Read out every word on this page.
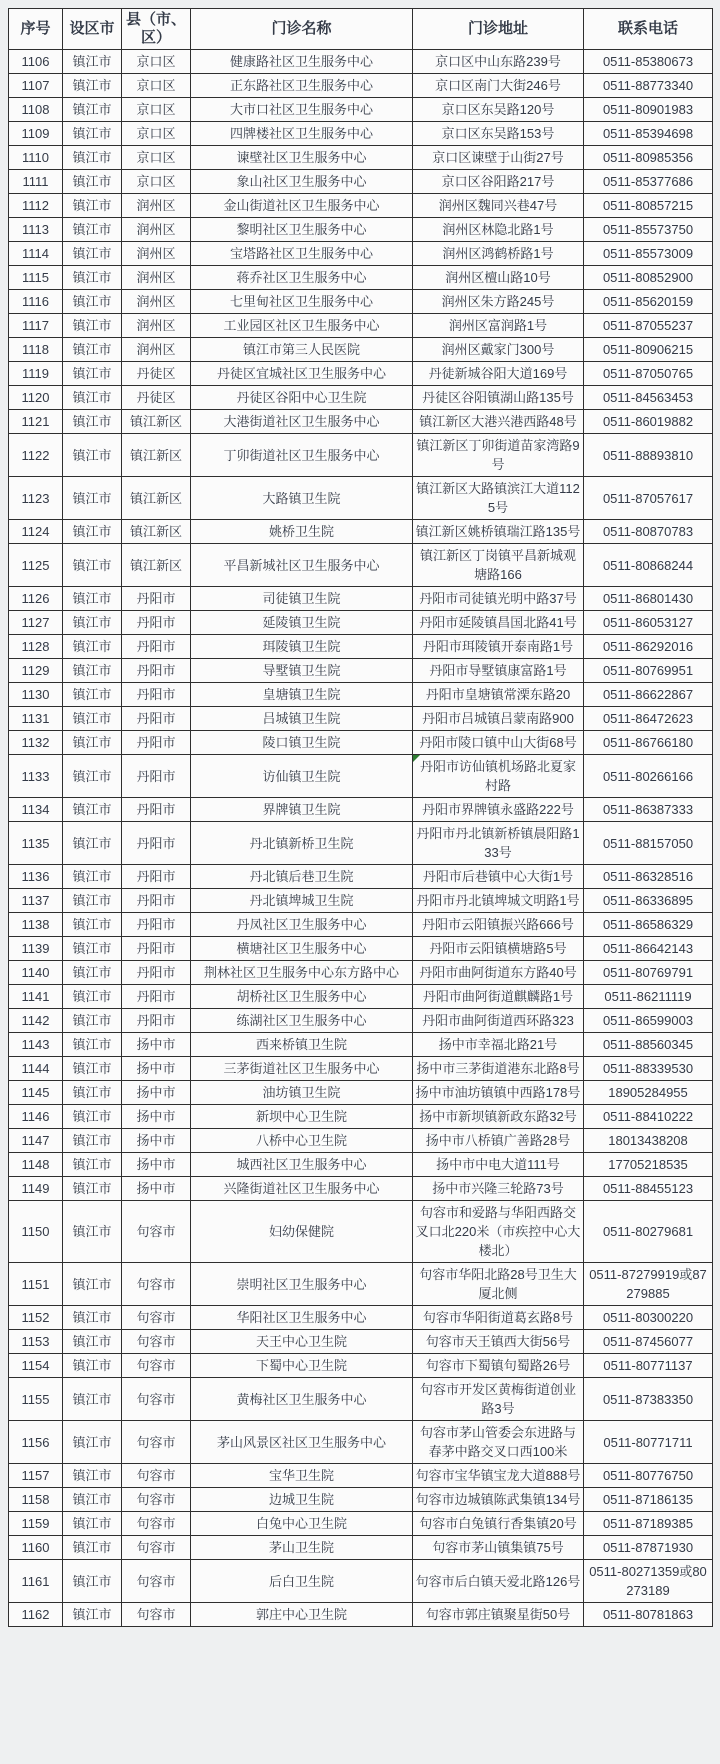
序号	设区市	县（市、区）	门诊名称	门诊地址	联系电话
1106	镇江市	京口区	健康路社区卫生服务中心	京口区中山东路239号	0511-85380673
1107	镇江市	京口区	正东路社区卫生服务中心	京口区南门大街246号	0511-88773340
1108	镇江市	京口区	大市口社区卫生服务中心	京口区东吴路120号	0511-80901983
1109	镇江市	京口区	四牌楼社区卫生服务中心	京口区东吴路153号	0511-85394698
1110	镇江市	京口区	谏壁社区卫生服务中心	京口区谏壁于山街27号	0511-80985356
1111	镇江市	京口区	象山社区卫生服务中心	京口区谷阳路217号	0511-85377686
1112	镇江市	润州区	金山街道社区卫生服务中心	润州区魏同兴巷47号	0511-80857215
1113	镇江市	润州区	黎明社区卫生服务中心	润州区林隐北路1号	0511-85573750
1114	镇江市	润州区	宝塔路社区卫生服务中心	润州区鸿鹤桥路1号	0511-85573009
1115	镇江市	润州区	蒋乔社区卫生服务中心	润州区檀山路10号	0511-80852900
1116	镇江市	润州区	七里甸社区卫生服务中心	润州区朱方路245号	0511-85620159
1117	镇江市	润州区	工业园区社区卫生服务中心	润州区富润路1号	0511-87055237
1118	镇江市	润州区	镇江市第三人民医院	润州区戴家门300号	0511-80906215
1119	镇江市	丹徒区	丹徒区宜城社区卫生服务中心	丹徒新城谷阳大道169号	0511-87050765
1120	镇江市	丹徒区	丹徒区谷阳中心卫生院	丹徒区谷阳镇湖山路135号	0511-84563453
1121	镇江市	镇江新区	大港街道社区卫生服务中心	镇江新区大港兴港西路48号	0511-86019882
1122	镇江市	镇江新区	丁卯街道社区卫生服务中心	镇江新区丁卯街道苗家湾路9号	0511-88893810
1123	镇江市	镇江新区	大路镇卫生院	镇江新区大路镇滨江大道1125号	0511-87057617
1124	镇江市	镇江新区	姚桥卫生院	镇江新区姚桥镇瑞江路135号	0511-80870783
1125	镇江市	镇江新区	平昌新城社区卫生服务中心	镇江新区丁岗镇平昌新城观塘路166	0511-80868244
1126	镇江市	丹阳市	司徒镇卫生院	丹阳市司徒镇光明中路37号	0511-86801430
1127	镇江市	丹阳市	延陵镇卫生院	丹阳市延陵镇昌国北路41号	0511-86053127
1128	镇江市	丹阳市	珥陵镇卫生院	丹阳市珥陵镇开泰南路1号	0511-86292016
1129	镇江市	丹阳市	导墅镇卫生院	丹阳市导墅镇康富路1号	0511-80769951
1130	镇江市	丹阳市	皇塘镇卫生院	丹阳市皇塘镇常溧东路20	0511-86622867
1131	镇江市	丹阳市	吕城镇卫生院	丹阳市吕城镇吕蒙南路900	0511-86472623
1132	镇江市	丹阳市	陵口镇卫生院	丹阳市陵口镇中山大街68号	0511-86766180
1133	镇江市	丹阳市	访仙镇卫生院	丹阳市访仙镇机场路北夏家村路	0511-80266166
1134	镇江市	丹阳市	界牌镇卫生院	丹阳市界牌镇永盛路222号	0511-86387333
1135	镇江市	丹阳市	丹北镇新桥卫生院	丹阳市丹北镇新桥镇晨阳路133号	0511-88157050
1136	镇江市	丹阳市	丹北镇后巷卫生院	丹阳市后巷镇中心大街1号	0511-86328516
1137	镇江市	丹阳市	丹北镇埤城卫生院	丹阳市丹北镇埤城文明路1号	0511-86336895
1138	镇江市	丹阳市	丹凤社区卫生服务中心	丹阳市云阳镇振兴路666号	0511-86586329
1139	镇江市	丹阳市	横塘社区卫生服务中心	丹阳市云阳镇横塘路5号	0511-86642143
1140	镇江市	丹阳市	荆林社区卫生服务中心东方路中心	丹阳市曲阿街道东方路40号	0511-80769791
1141	镇江市	丹阳市	胡桥社区卫生服务中心	丹阳市曲阿街道麒麟路1号	0511-86211119
1142	镇江市	丹阳市	练湖社区卫生服务中心	丹阳市曲阿街道西环路323	0511-86599003
1143	镇江市	扬中市	西来桥镇卫生院	扬中市幸福北路21号	0511-88560345
1144	镇江市	扬中市	三茅街道社区卫生服务中心	扬中市三茅街道港东北路8号	0511-88339530
1145	镇江市	扬中市	油坊镇卫生院	扬中市油坊镇镇中西路178号	18905284955
1146	镇江市	扬中市	新坝中心卫生院	扬中市新坝镇新政东路32号	0511-88410222
1147	镇江市	扬中市	八桥中心卫生院	扬中市八桥镇广善路28号	18013438208
1148	镇江市	扬中市	城西社区卫生服务中心	扬中市中电大道111号	17705218535
1149	镇江市	扬中市	兴隆街道社区卫生服务中心	扬中市兴隆三轮路73号	0511-88455123
1150	镇江市	句容市	妇幼保健院	句容市和爱路与华阳西路交叉口北220米（市疾控中心大楼北）	0511-80279681
1151	镇江市	句容市	崇明社区卫生服务中心	句容市华阳北路28号卫生大厦北侧	0511-87279919或87279885
1152	镇江市	句容市	华阳社区卫生服务中心	句容市华阳街道葛玄路8号	0511-80300220
1153	镇江市	句容市	天王中心卫生院	句容市天王镇西大街56号	0511-87456077
1154	镇江市	句容市	下蜀中心卫生院	句容市下蜀镇句蜀路26号	0511-80771137
1155	镇江市	句容市	黄梅社区卫生服务中心	句容市开发区黄梅街道创业路3号	0511-87383350
1156	镇江市	句容市	茅山风景区社区卫生服务中心	句容市茅山管委会东进路与春茅中路交叉口西100米	0511-80771711
1157	镇江市	句容市	宝华卫生院	句容市宝华镇宝龙大道888号	0511-80776750
1158	镇江市	句容市	边城卫生院	句容市边城镇陈武集镇134号	0511-87186135
1159	镇江市	句容市	白兔中心卫生院	句容市白兔镇行香集镇20号	0511-87189385
1160	镇江市	句容市	茅山卫生院	句容市茅山镇集镇75号	0511-87871930
1161	镇江市	句容市	后白卫生院	句容市后白镇天爱北路126号	0511-80271359或80273189
1162	镇江市	句容市	郭庄中心卫生院	句容市郭庄镇聚星街50号	0511-80781863
